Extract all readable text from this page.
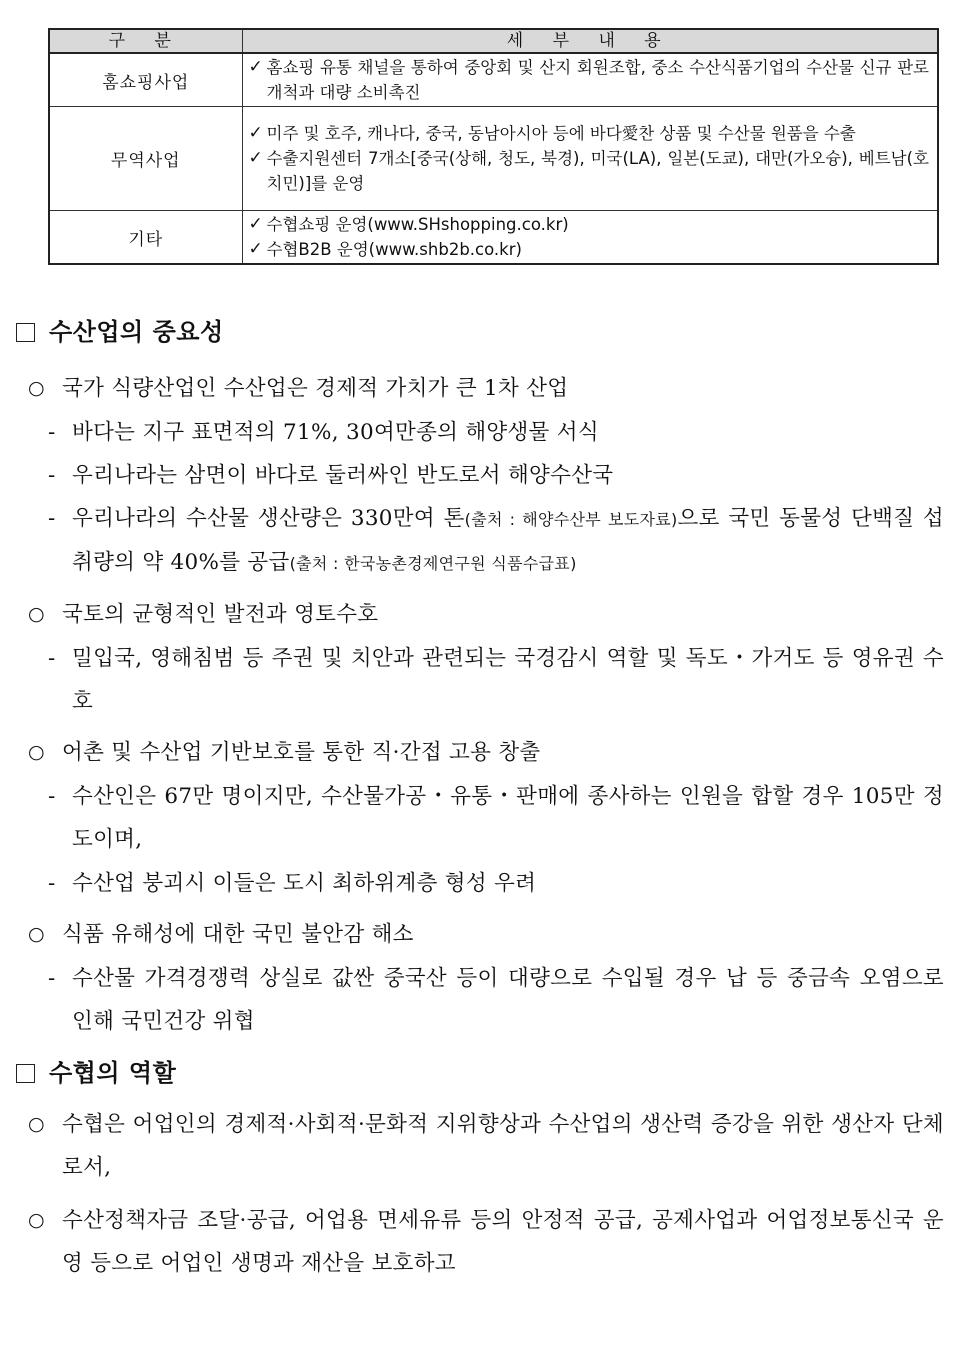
구 분	세 부 내 용
홈쇼핑사업	✓ 홈쇼핑 유통 채널을 통하여 중앙회 및 산지 회원조합, 중소 수산식품기업의 수산물 신규 판로개척과 대량 소비촉진

무역사업	✓ 미주 및 호주, 캐나다, 중국, 동남아시아 등에 바다愛찬 상품 및 수산물 원품을 수출
✓ 수출지원센터 7개소[중국(상해, 청도, 북경), 미국(LA), 일본(도쿄), 대만(가오슝), 베트남(호치민)]를 운영

기타	✓ 수협쇼핑 운영(www.SHshopping.co.kr)
✓ 수협B2B 운영(www.shb2b.co.kr)
수산업의 중요성
○ 국가 식량산업인 수산업은 경제적 가치가 큰 1차 산업
- 바다는 지구 표면적의 71%, 30여만종의 해양생물 서식
- 우리나라는 삼면이 바다로 둘러싸인 반도로서 해양수산국
- 우리나라의 수산물 생산량은 330만여 톤(출처 : 해양수산부 보도자료)으로 국민 동물성 단백질 섭취량의 약 40%를 공급(출처 : 한국농촌경제연구원 식품수급표)
○ 국토의 균형적인 발전과 영토수호
- 밀입국, 영해침범 등 주권 및 치안과 관련되는 국경감시 역할 및 독도・가거도 등 영유권 수호
○ 어촌 및 수산업 기반보호를 통한 직·간접 고용 창출
- 수산인은 67만 명이지만, 수산물가공・유통・판매에 종사하는 인원을 합할 경우 105만 정도이며,
- 수산업 붕괴시 이들은 도시 최하위계층 형성 우려
○ 식품 유해성에 대한 국민 불안감 해소
- 수산물 가격경쟁력 상실로 값싼 중국산 등이 대량으로 수입될 경우 납 등 중금속 오염으로 인해 국민건강 위협
수협의 역할
○ 수협은 어업인의 경제적·사회적·문화적 지위향상과 수산업의 생산력 증강을 위한 생산자 단체로서,
○ 수산정책자금 조달·공급, 어업용 면세유류 등의 안정적 공급, 공제사업과 어업정보통신국 운영 등으로 어업인 생명과 재산을 보호하고
